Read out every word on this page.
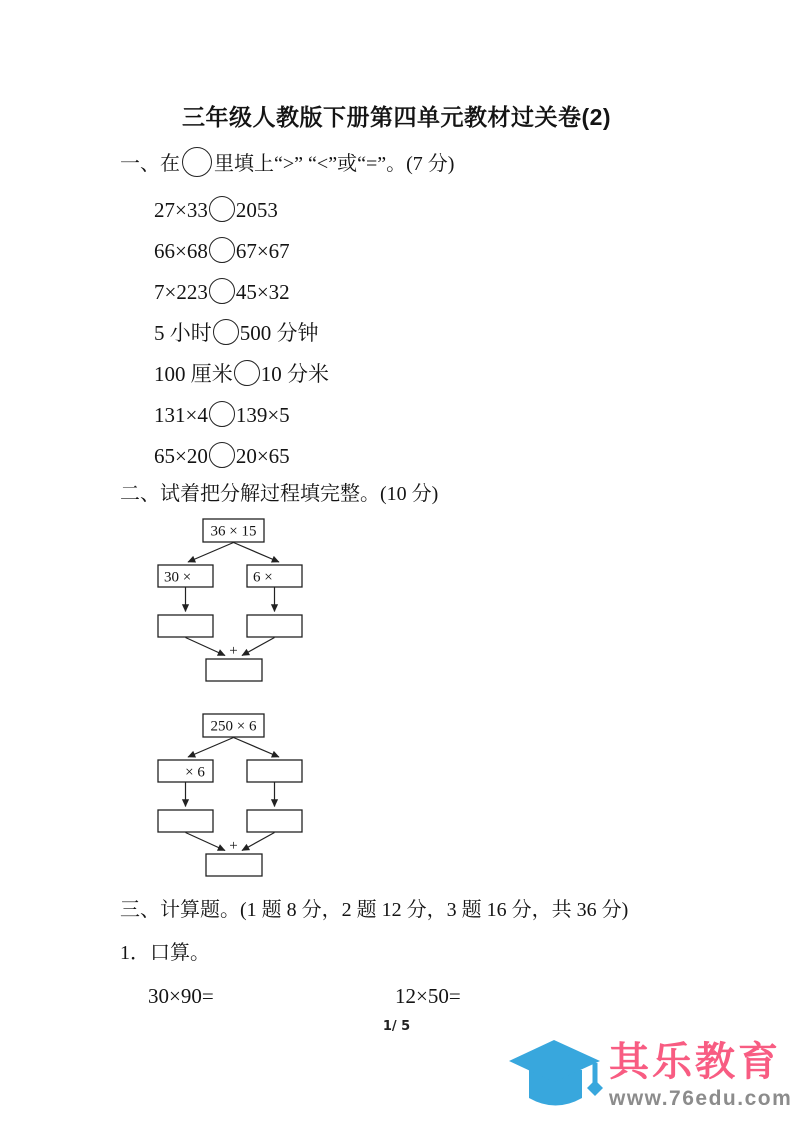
三年级人教版下册第四单元教材过关卷(2)
一、在 里填上“>” “<”或“=”。(7 分)
27×33 2053
66×68 67×67
7×223 45×32
5 小时 500 分钟
100 厘米 10 分米
131×4 139×5
65×20 20×65
二、试着把分解过程填完整。(10 分)
36 × 15
30 ×	6 ×
+
250 × 6
× 6
+
三、计算题。(1 题 8 分，2 题 12 分，3 题 16 分，共 36 分)
1．口算。
30×90=	12×50=
1/ 5
其乐教育
www.76edu.com
